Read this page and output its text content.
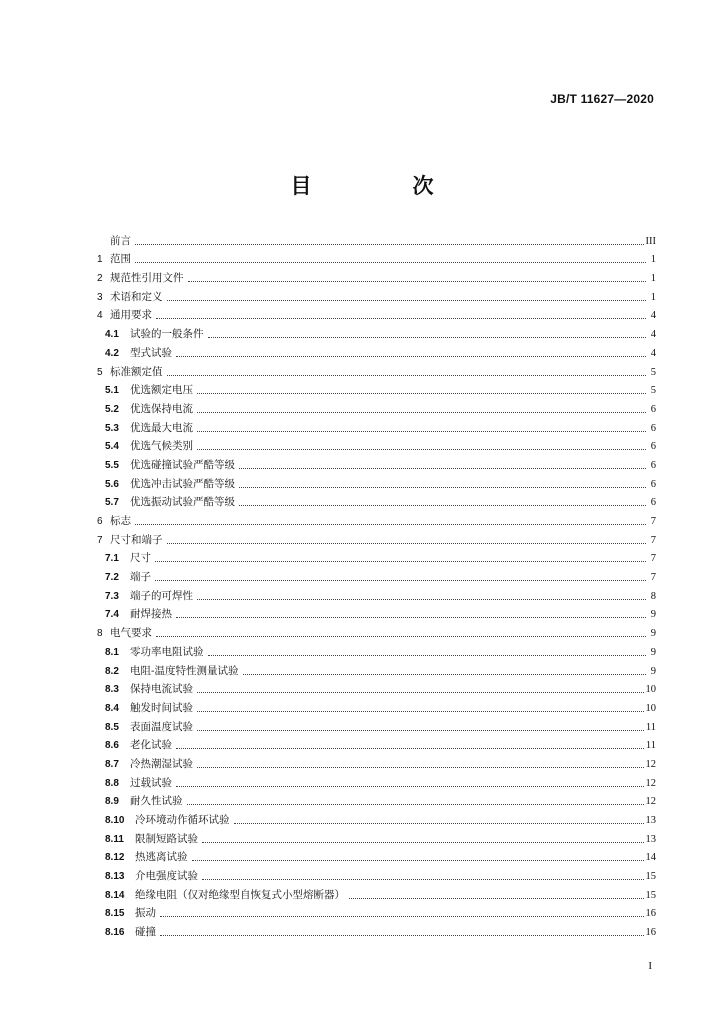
JB/T 11627—2020
目　次
前言	III
1 范围	1
2 规范性引用文件	1
3 术语和定义	1
4 通用要求	4
4.1	试验的一般条件	4
4.2	型式试验	4
5 标准额定值	5
5.1	优选额定电压	5
5.2	优选保持电流	6
5.3	优选最大电流	6
5.4	优选气候类别	6
5.5	优选碰撞试验严酷等级	6
5.6	优选冲击试验严酷等级	6
5.7	优选振动试验严酷等级	6
6 标志	7
7 尺寸和端子	7
7.1	尺寸	7
7.2	端子	7
7.3	端子的可焊性	8
7.4	耐焊接热	9
8 电气要求	9
8.1	零功率电阻试验	9
8.2	电阻-温度特性测量试验	9
8.3	保持电流试验	10
8.4	触发时间试验	10
8.5	表面温度试验	11
8.6	老化试验	11
8.7	冷热潮湿试验	12
8.8	过载试验	12
8.9	耐久性试验	12
8.10	冷环境动作循环试验	13
8.11	限制短路试验	13
8.12	热逃离试验	14
8.13	介电强度试验	15
8.14	绝缘电阻（仅对绝缘型自恢复式小型熔断器）	15
8.15	振动	16
8.16	碰撞	16
I
